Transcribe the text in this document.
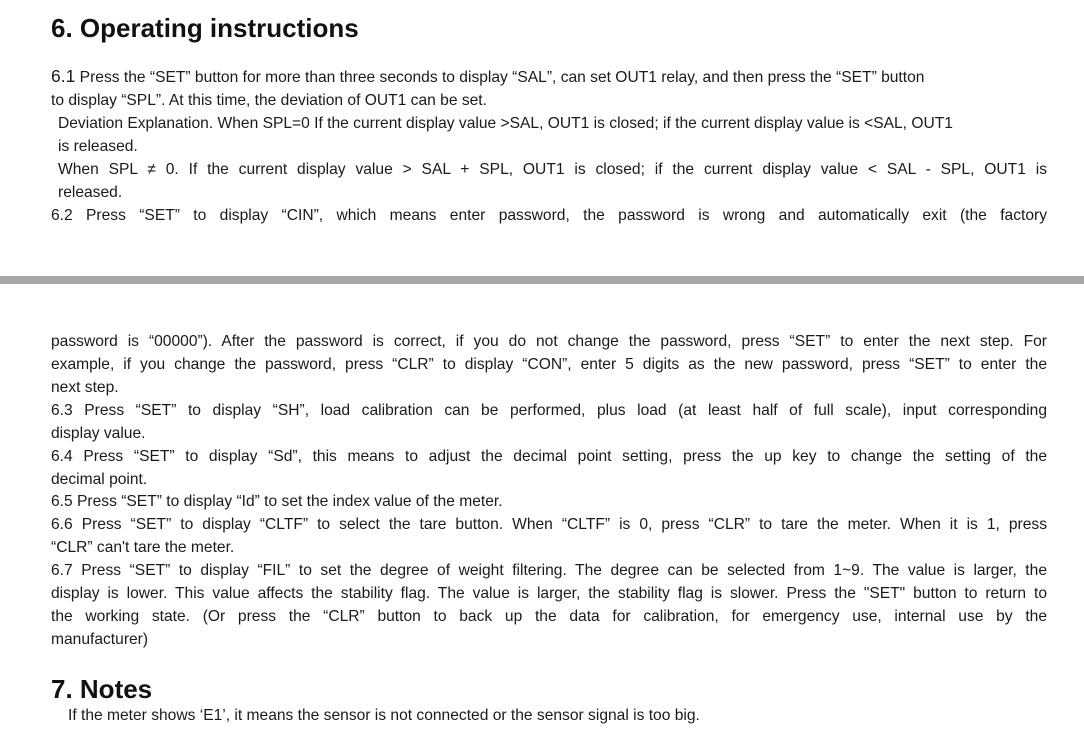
6. Operating instructions
6.1 Press the “SET” button for more than three seconds to display “SAL”, can set OUT1 relay, and then press the “SET” button
to display “SPL”. At this time, the deviation of OUT1 can be set.
Deviation Explanation. When SPL=0 If the current display value >SAL, OUT1 is closed; if the current display value is <SAL, OUT1
is released.
When SPL ≠ 0. If the current display value > SAL + SPL, OUT1 is closed; if the current display value < SAL - SPL, OUT1 is
released.
6.2 Press “SET” to display “CIN”, which means enter password, the password is wrong and automatically exit (the factory
password is “00000”). After the password is correct, if you do not change the password, press “SET” to enter the next step. For
example, if you change the password, press “CLR” to display “CON”, enter 5 digits as the new password, press “SET” to enter the
next step.
6.3 Press “SET” to display “SH”, load calibration can be performed, plus load (at least half of full scale), input corresponding
display value.
6.4 Press “SET” to display “Sd”, this means to adjust the decimal point setting, press the up key to change the setting of the
decimal point.
6.5 Press “SET” to display “Id” to set the index value of the meter.
6.6 Press “SET” to display “CLTF” to select the tare button. When “CLTF” is 0, press “CLR” to tare the meter. When it is 1, press
“CLR” can't tare the meter.
6.7 Press “SET” to display “FIL” to set the degree of weight filtering. The degree can be selected from 1~9. The value is larger, the
display is lower. This value affects the stability flag. The value is larger, the stability flag is slower. Press the "SET" button to return to
the working state. (Or press the “CLR” button to back up the data for calibration, for emergency use, internal use by the
manufacturer)
7. Notes
If the meter shows ‘E1’, it means the sensor is not connected or the sensor signal is too big.
